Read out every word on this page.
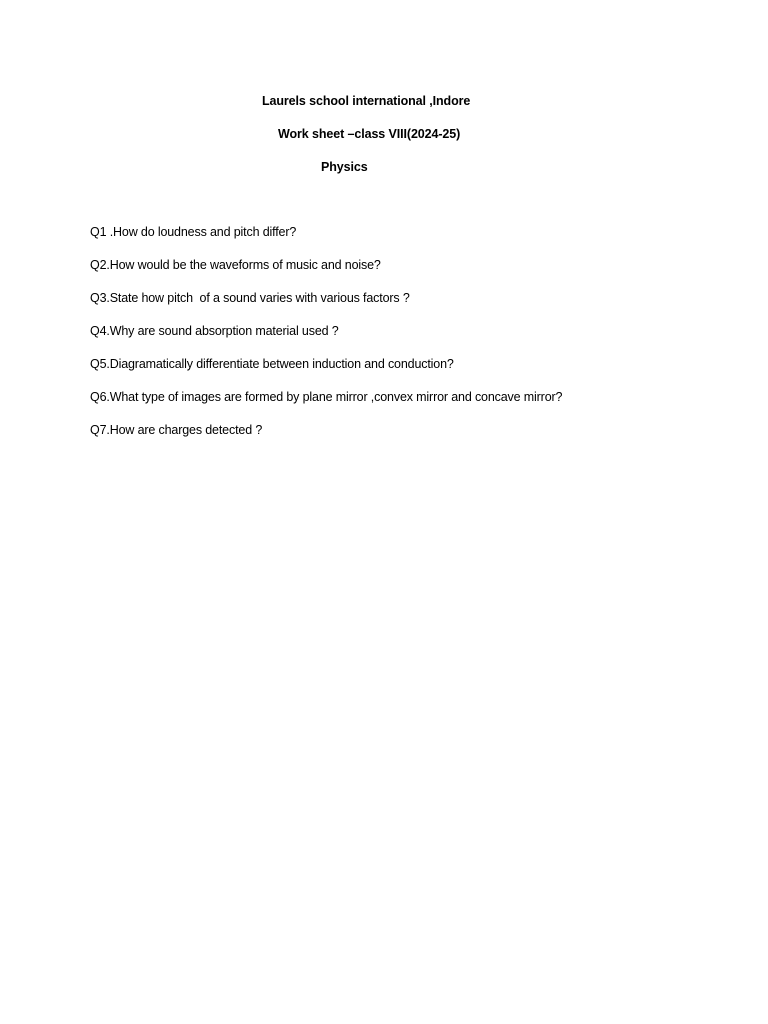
Laurels school international ,Indore
Work sheet –class VIII(2024-25)
Physics
Q1 .How do loudness and pitch differ?
Q2.How would be the waveforms of music and noise?
Q3.State how pitch  of a sound varies with various factors ?
Q4.Why are sound absorption material used ?
Q5.Diagramatically differentiate between induction and conduction?
Q6.What type of images are formed by plane mirror ,convex mirror and concave mirror?
Q7.How are charges detected ?
